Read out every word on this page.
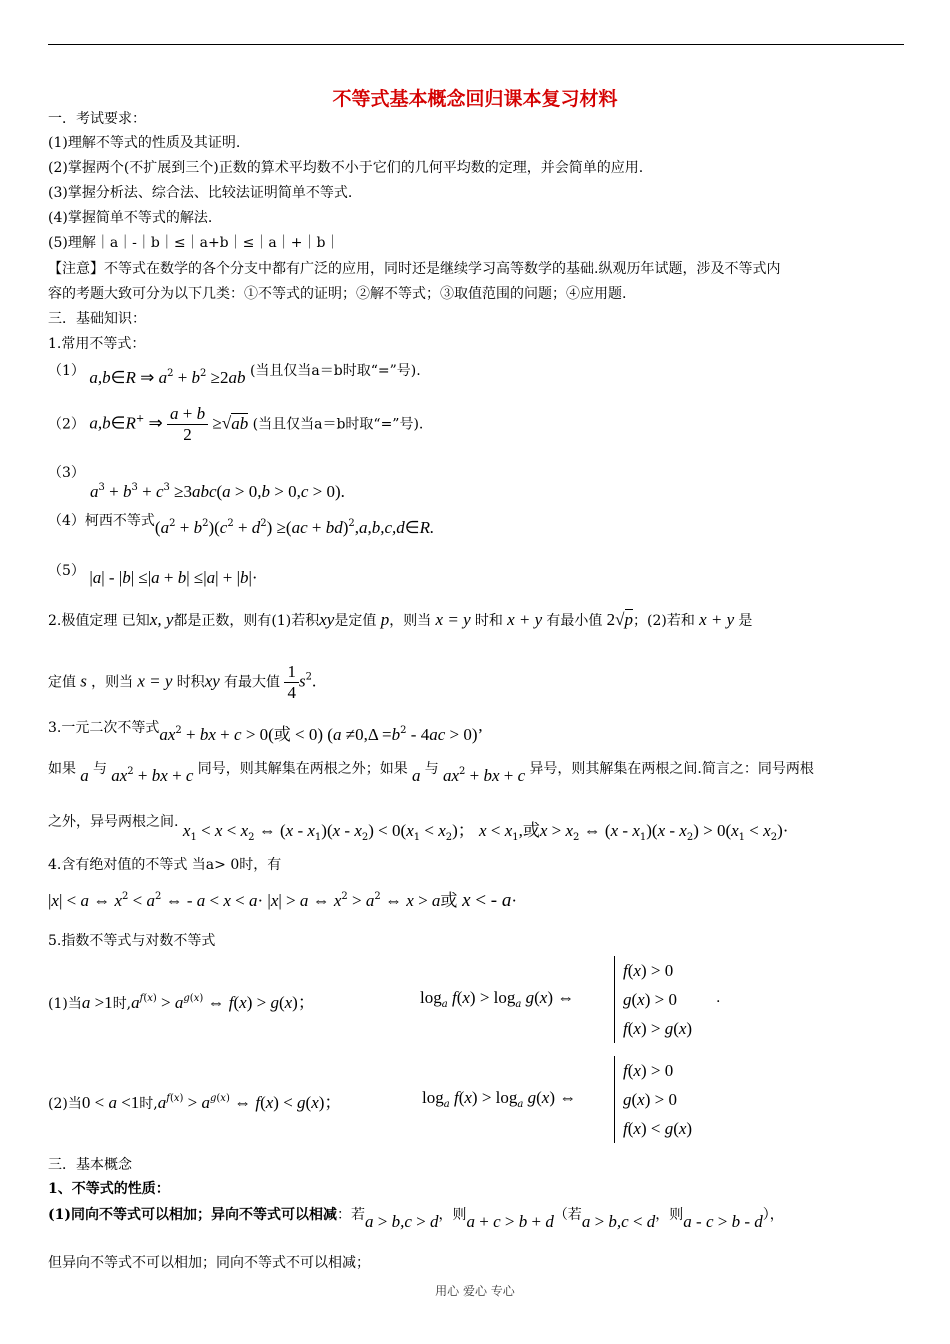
不等式基本概念回归课本复习材料
一．考试要求：
(1)理解不等式的性质及其证明.
(2)掌握两个(不扩展到三个)正数的算术平均数不小于它们的几何平均数的定理，并会简单的应用.
(3)掌握分析法、综合法、比较法证明简单不等式.
(4)掌握简单不等式的解法.
(5)理解｜a｜-｜b｜≤｜a+b｜≤｜a｜+｜b｜
【注意】不等式在数学的各个分支中都有广泛的应用，同时还是继续学习高等数学的基础.纵观历年试题，涉及不等式内
容的考题大致可分为以下几类：①不等式的证明；②解不等式；③取值范围的问题；④应用题.
三．基础知识：
1.常用不等式：
（1） a,b∈R ⇒ $a^2 + b^2 \ge 2ab$ (当且仅当a＝b时取“=”号).
（2） a,b∈R+ ⇒ $\frac{a + b}{2} \ge√ab$ (当且仅当a＝b时取“=”号).
（3）
$a^3 + b^3 + c^3 \ge 3abc(a > 0,b > 0,c > 0)$.
（4）柯西不等式$(a^2 + b^2)(c^2 + d^2) \ge(ac$ + bd)$^2$,a,b,c,d∈R.
（5） |a| - |b| ≤|a + b| ≤|a| + |b|·
2.极值定理 已知x, y都是正数，则有(1)若积xy是定值 p，则当 x = y 时和 x + y 有最小值 2√p；(2)若和 x + y 是
定值 s ，则当 x = y 时积xy 有最大值 $\frac{1}{4} s^2$.
3.一元二次不等式$ax^2$ + bx + c > 0(或 < 0) $(a \ne 0,\Delta =b^2 - 4ac > 0)$’
如果 a 与 $ax^2$ + bx + c 同号，则其解集在两根之外；如果 a 与 $ax^2$ + bx + c 异号，则其解集在两根之间.简言之：同号两根
之外，异号两根之间. $x_1 < x < x_2$ ⇔ $(x - x_1)(x - x_2) < 0(x_1 < x_2)$； $x < x_1$,或$x > x_2$ ⇔ $(x - x_1)(x - x_2) > 0(x_1 < x_2)\cdot$
4.含有绝对值的不等式 当a> 0时，有
|x| < a ⇔ $x^2 < a^2$ ⇔ - a < x < a· |x| > a ⇔ $x^2 > a^2$ ⇔ x > a或 x < - a·
5.指数不等式与对数不等式
(1)当a >1时$,a^{f(x)} > a^{g(x)}$ ⇔ f(x) > g(x)；	$\log_a f(x) > \log_a g(x)$ ⇔
f(x) > 0
g(x) > 0
f(x) > g(x)
.
(2)当0 < a <1时$,a^{f(x)} > a^{g(x)}$ ⇔ f(x) < g(x)；	$\log_a f(x) > \log_a g(x)$ ⇔
f(x) > 0
g(x) > 0
f(x) < g(x)
三．基本概念
1、不等式的性质：
(1)同向不等式可以相加；异向不等式可以相减：若a > b,c > d，则a + c > b + d（若a > b,c < d，则a - c > b - d），
但异向不等式不可以相加；同向不等式不可以相减；
用心 爱心 专心
